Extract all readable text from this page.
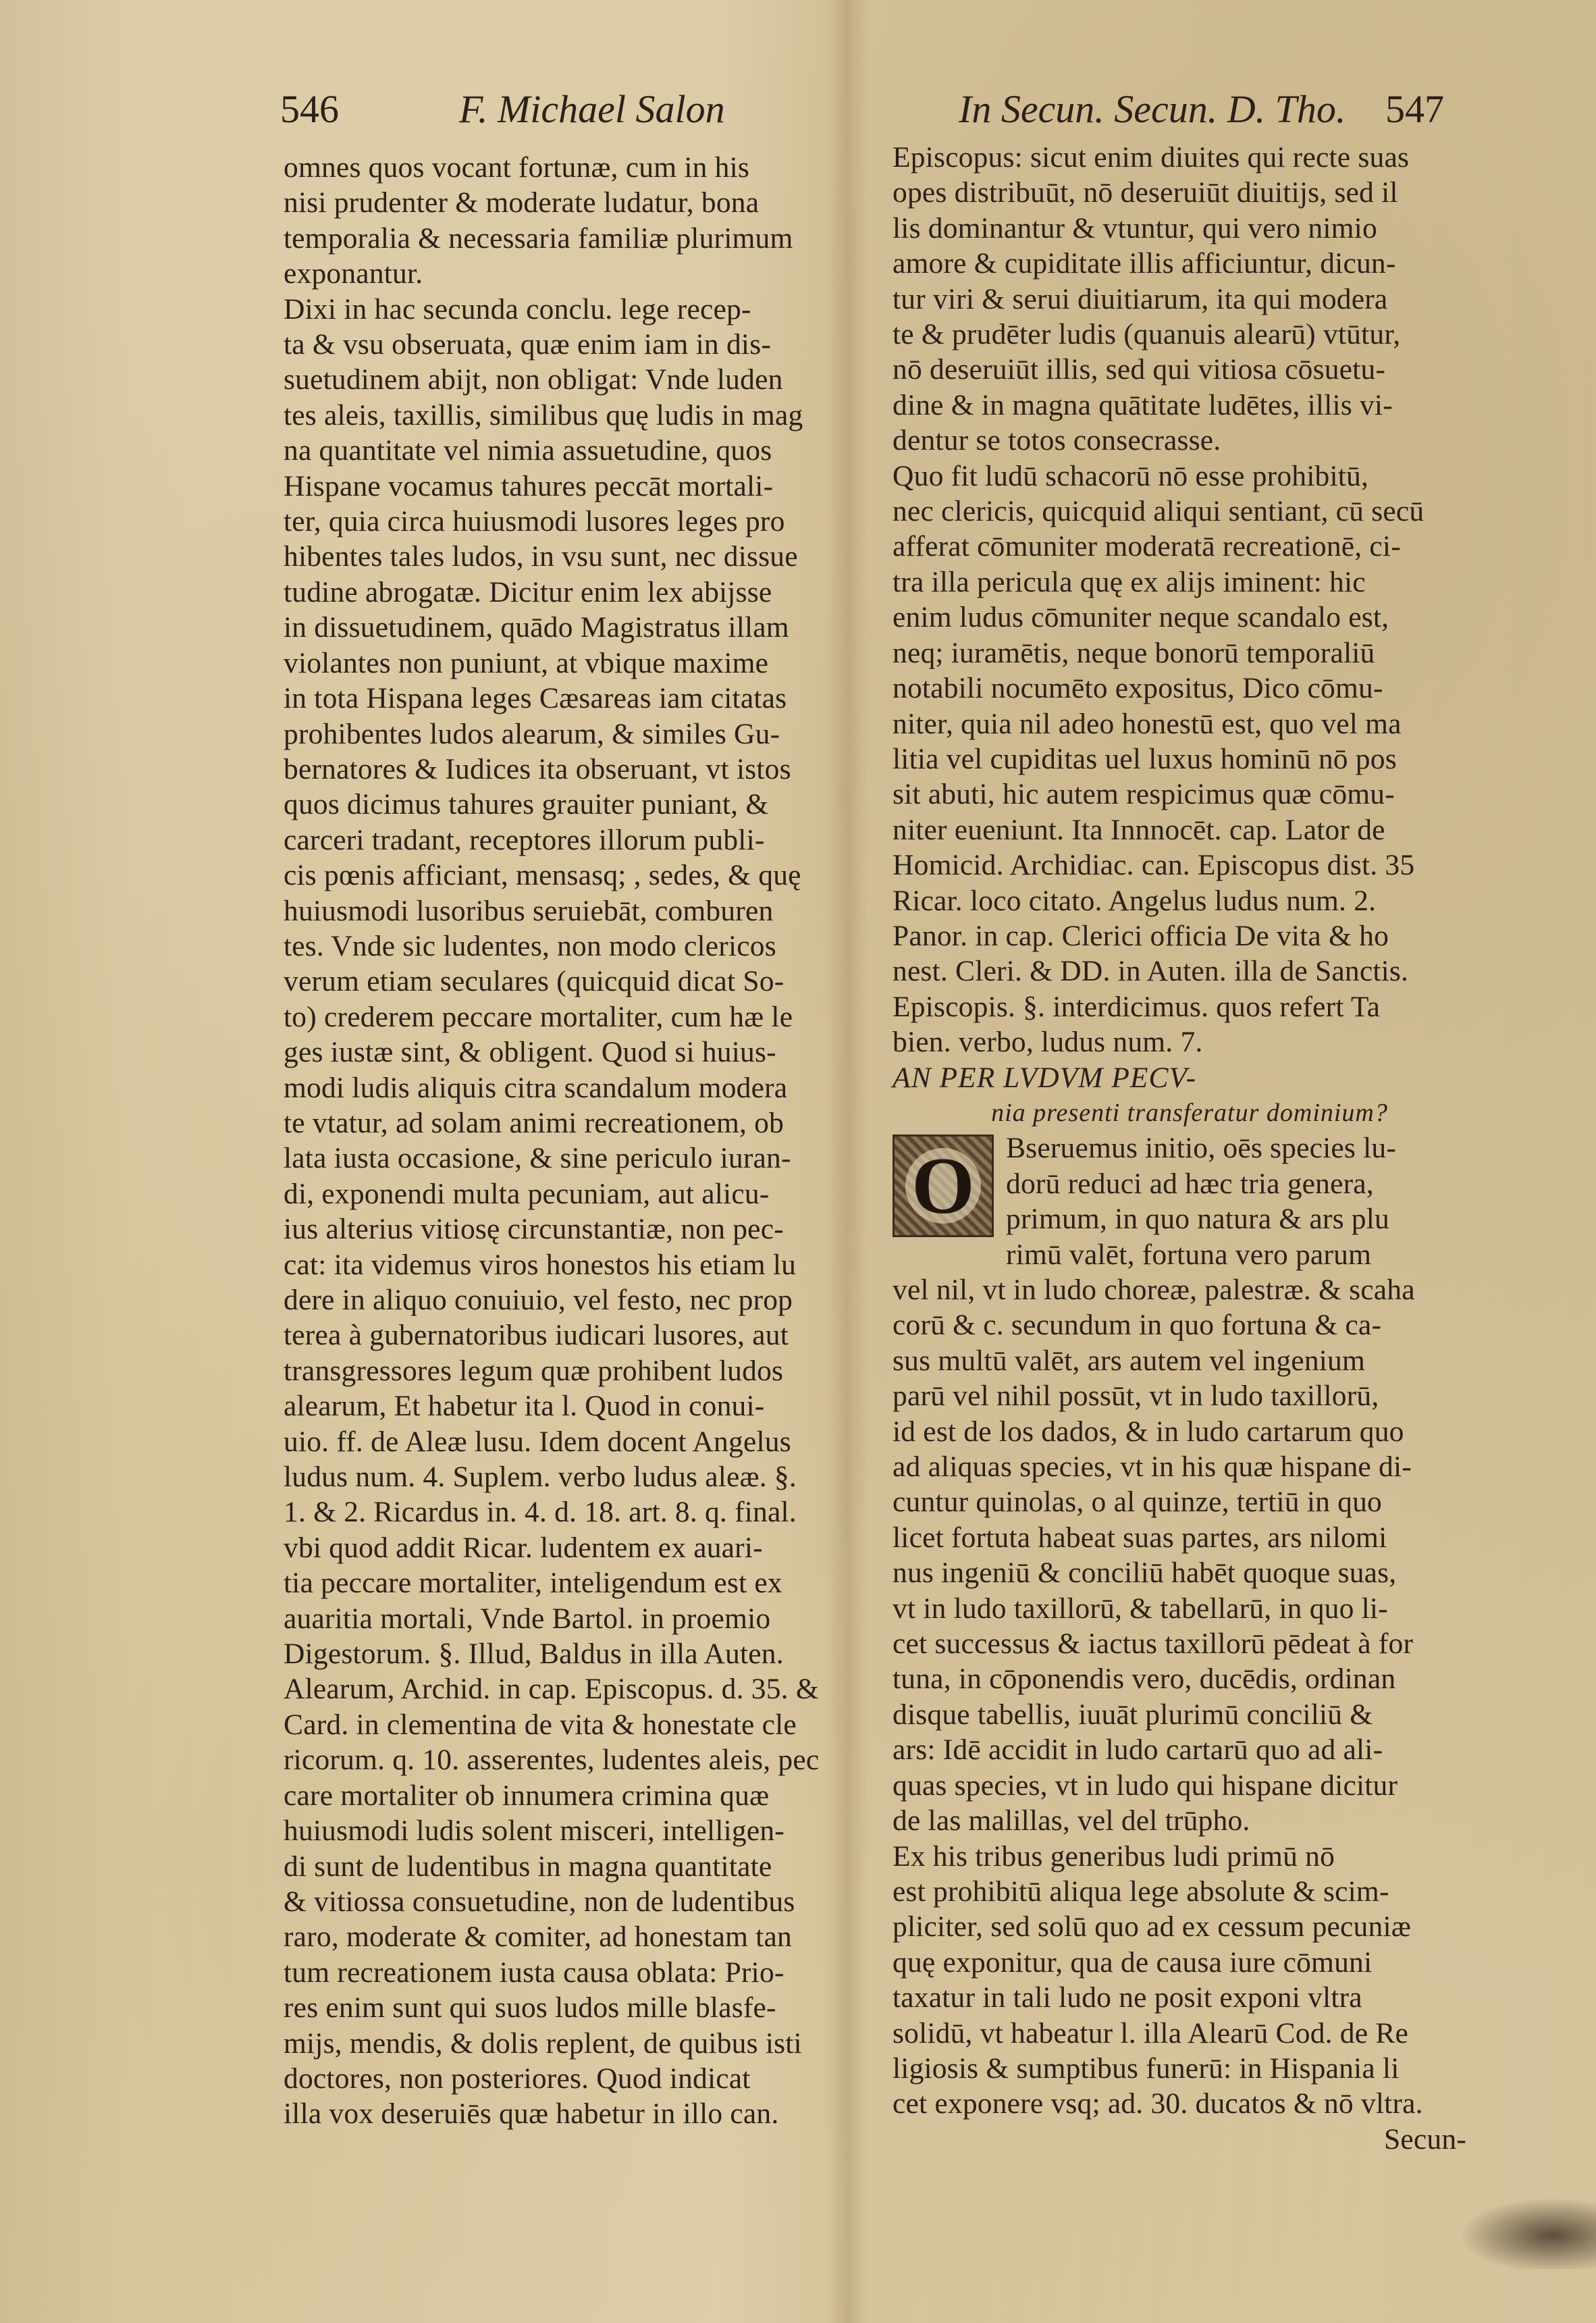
546	F. Michael Salon	In Secun. Secun. D. Tho. 547

omnes quos vocant fortunæ, cum in his

nisi prudenter & moderate ludatur, bona

temporalia & necessaria familiæ plurimum

exponantur.

Dixi in hac secunda conclu. lege recep-

ta & vsu obseruata, quæ enim iam in dis-

suetudinem abijt, non obligat: Vnde luden

tes aleis, taxillis, similibus quę ludis in mag

na quantitate vel nimia assuetudine, quos

Hispane vocamus tahures peccāt mortali-

ter, quia circa huiusmodi lusores leges pro

hibentes tales ludos, in vsu sunt, nec dissue

tudine abrogatæ. Dicitur enim lex abijsse

in dissuetudinem, quādo Magistratus illam

violantes non puniunt, at vbique maxime

in tota Hispana leges Cæsareas iam citatas

prohibentes ludos alearum, & similes Gu-

bernatores & Iudices ita obseruant, vt istos

quos dicimus tahures grauiter puniant, &

carceri tradant, receptores illorum publi-

cis pœnis afficiant, mensasq; , sedes, & quę

huiusmodi lusoribus seruiebāt, comburen

tes. Vnde sic ludentes, non modo clericos

verum etiam seculares (quicquid dicat So-

to) crederem peccare mortaliter, cum hæ le

ges iustæ sint, & obligent. Quod si huius-

modi ludis aliquis citra scandalum modera

te vtatur, ad solam animi recreationem, ob

lata iusta occasione, & sine periculo iuran-

di, exponendi multa pecuniam, aut alicu-

ius alterius vitiosę circunstantiæ, non pec-

cat: ita videmus viros honestos his etiam lu

dere in aliquo conuiuio, vel festo, nec prop

terea à gubernatoribus iudicari lusores, aut

transgressores legum quæ prohibent ludos

alearum, Et habetur ita l. Quod in conui-

uio. ff. de Aleæ lusu. Idem docent Angelus

ludus num. 4. Suplem. verbo ludus aleæ. §.

1. & 2. Ricardus in. 4. d. 18. art. 8. q. final.

vbi quod addit Ricar. ludentem ex auari-

tia peccare mortaliter, inteligendum est ex

auaritia mortali, Vnde Bartol. in proemio

Digestorum. §. Illud, Baldus in illa Auten.

Alearum, Archid. in cap. Episcopus. d. 35. &

Card. in clementina de vita & honestate cle

ricorum. q. 10. asserentes, ludentes aleis, pec

care mortaliter ob innumera crimina quæ

huiusmodi ludis solent misceri, intelligen-

di sunt de ludentibus in magna quantitate

& vitiossa consuetudine, non de ludentibus

raro, moderate & comiter, ad honestam tan

tum recreationem iusta causa oblata: Prio-

res enim sunt qui suos ludos mille blasfe-

mijs, mendis, & dolis replent, de quibus isti

doctores, non posteriores. Quod indicat

illa vox deseruiēs quæ habetur in illo can.

Episcopus: sicut enim diuites qui recte suas

opes distribuūt, nō deseruiūt diuitijs, sed il

lis dominantur & vtuntur, qui vero nimio

amore & cupiditate illis afficiuntur, dicun-

tur viri & serui diuitiarum, ita qui modera

te & prudēter ludis (quanuis alearū) vtūtur,

nō deseruiūt illis, sed qui vitiosa cōsuetu-

dine & in magna quātitate ludētes, illis vi-

dentur se totos consecrasse.

Quo fit ludū schacorū nō esse prohibitū,

nec clericis, quicquid aliqui sentiant, cū secū

afferat cōmuniter moderatā recreationē, ci-

tra illa pericula quę ex alijs iminent: hic

enim ludus cōmuniter neque scandalo est,

neq; iuramētis, neque bonorū temporaliū

notabili nocumēto expositus, Dico cōmu-

niter, quia nil adeo honestū est, quo vel ma

litia vel cupiditas uel luxus hominū nō pos

sit abuti, hic autem respicimus quæ cōmu-

niter eueniunt. Ita Innnocēt. cap. Lator de

Homicid. Archidiac. can. Episcopus dist. 35

Ricar. loco citato. Angelus ludus num. 2.

Panor. in cap. Clerici officia De vita & ho

nest. Cleri. & DD. in Auten. illa de Sanctis.

Episcopis. §. interdicimus. quos refert Ta

bien. verbo, ludus num. 7.

AN PER LVDVM PECV-

nia presenti transferatur dominium?

O	Bseruemus initio, oēs species lu-

dorū reduci ad hæc tria genera,

primum, in quo natura & ars plu

rimū valēt, fortuna vero parum

vel nil, vt in ludo choreæ, palestræ. & scaha

corū & c. secundum in quo fortuna & ca-

sus multū valēt, ars autem vel ingenium

parū vel nihil possūt, vt in ludo taxillorū,

id est de los dados, & in ludo cartarum quo

ad aliquas species, vt in his quæ hispane di-

cuntur quinolas, o al quinze, tertiū in quo

licet fortuta habeat suas partes, ars nilomi

nus ingeniū & conciliū habēt quoque suas,

vt in ludo taxillorū, & tabellarū, in quo li-

cet successus & iactus taxillorū pēdeat à for

tuna, in cōponendis vero, ducēdis, ordinan

disque tabellis, iuuāt plurimū conciliū &

ars: Idē accidit in ludo cartarū quo ad ali-

quas species, vt in ludo qui hispane dicitur

de las malillas, vel del trūpho.

Ex his tribus generibus ludi primū nō

est prohibitū aliqua lege absolute & scim-

pliciter, sed solū quo ad ex cessum pecuniæ

quę exponitur, qua de causa iure cōmuni

taxatur in tali ludo ne posit exponi vltra

solidū, vt habeatur l. illa Alearū Cod. de Re

ligiosis & sumptibus funerū: in Hispania li

cet exponere vsq; ad. 30. ducatos & nō vltra.

Secun-
